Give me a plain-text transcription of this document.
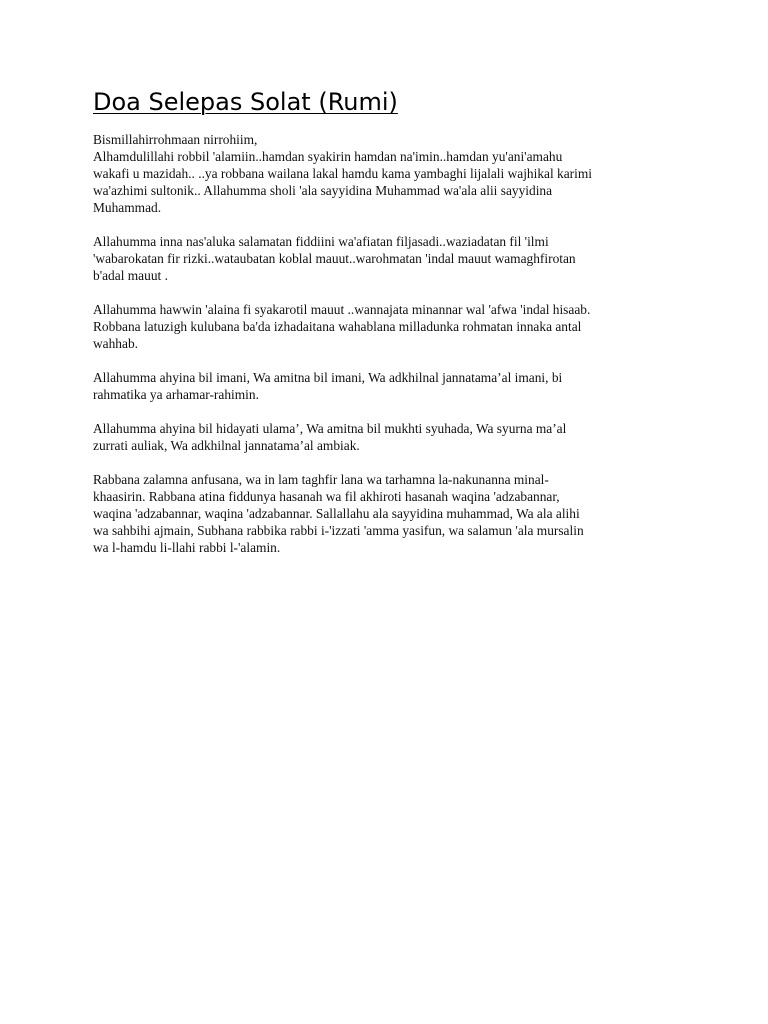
Doa Selepas Solat (Rumi)
Bismillahirrohmaan nirrohiim,
Alhamdulillahi robbil 'alamiin..hamdan syakirin hamdan na'imin..hamdan yu'ani'amahu
wakafi u mazidah.. ..ya robbana wailana lakal hamdu kama yambaghi lijalali wajhikal karimi
wa'azhimi sultonik.. Allahumma sholi 'ala sayyidina Muhammad wa'ala alii sayyidina
Muhammad.
Allahumma inna nas'aluka salamatan fiddiini wa'afiatan filjasadi..waziadatan fil 'ilmi
'wabarokatan fir rizki..wataubatan koblal mauut..warohmatan 'indal mauut wamaghfirotan
b'adal mauut .
Allahumma hawwin 'alaina fi syakarotil mauut ..wannajata minannar wal 'afwa 'indal hisaab.
Robbana latuzigh kulubana ba'da izhadaitana wahablana milladunka rohmatan innaka antal
wahhab.
Allahumma ahyina bil imani, Wa amitna bil imani, Wa adkhilnal jannatama’al imani, bi
rahmatika ya arhamar-rahimin.
Allahumma ahyina bil hidayati ulama’, Wa amitna bil mukhti syuhada, Wa syurna ma’al
zurrati auliak, Wa adkhilnal jannatama’al ambiak.
Rabbana zalamna anfusana, wa in lam taghfir lana wa tarhamna la-nakunanna minal-
khaasirin. Rabbana atina fiddunya hasanah wa fil akhiroti hasanah waqina 'adzabannar,
waqina 'adzabannar, waqina 'adzabannar. Sallallahu ala sayyidina muhammad, Wa ala alihi
wa sahbihi ajmain, Subhana rabbika rabbi i-'izzati 'amma yasifun, wa salamun 'ala mursalin
wa l-hamdu li-llahi rabbi l-'alamin.
